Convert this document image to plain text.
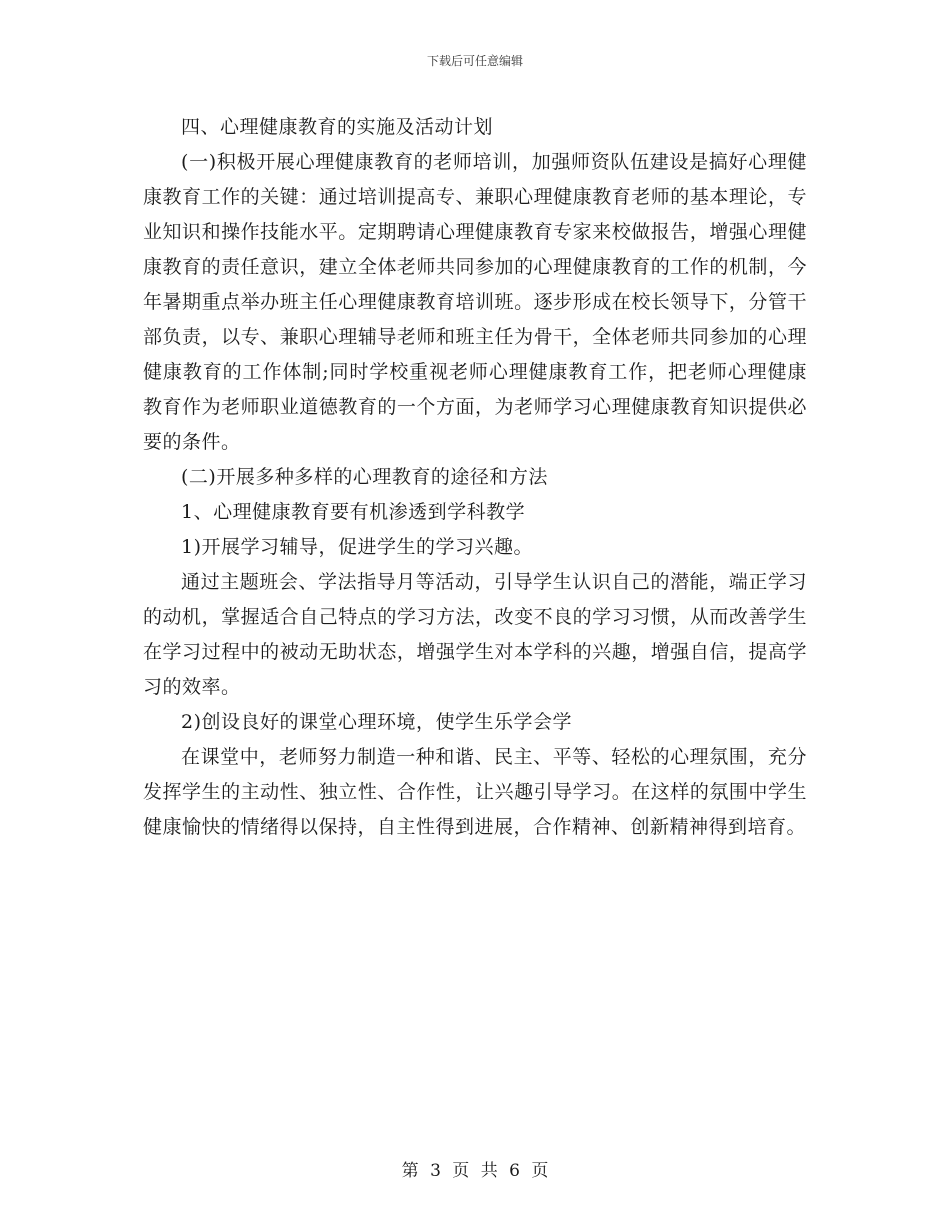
下载后可任意编辑

四、心理健康教育的实施及活动计划

(一)积极开展心理健康教育的老师培训，加强师资队伍建设是搞好心理健康教育工作的关键：通过培训提高专、兼职心理健康教育老师的基本理论，专业知识和操作技能水平。定期聘请心理健康教育专家来校做报告，增强心理健康教育的责任意识，建立全体老师共同参加的心理健康教育的工作的机制，今年暑期重点举办班主任心理健康教育培训班。逐步形成在校长领导下，分管干部负责，以专、兼职心理辅导老师和班主任为骨干，全体老师共同参加的心理健康教育的工作体制;同时学校重视老师心理健康教育工作，把老师心理健康教育作为老师职业道德教育的一个方面，为老师学习心理健康教育知识提供必要的条件。

(二)开展多种多样的心理教育的途径和方法

1、心理健康教育要有机渗透到学科教学

1)开展学习辅导，促进学生的学习兴趣。

通过主题班会、学法指导月等活动，引导学生认识自己的潜能，端正学习的动机，掌握适合自己特点的学习方法，改变不良的学习习惯，从而改善学生在学习过程中的被动无助状态，增强学生对本学科的兴趣，增强自信，提高学习的效率。

2)创设良好的课堂心理环境，使学生乐学会学

在课堂中，老师努力制造一种和谐、民主、平等、轻松的心理氛围，充分发挥学生的主动性、独立性、合作性，让兴趣引导学习。在这样的氛围中学生健康愉快的情绪得以保持，自主性得到进展，合作精神、创新精神得到培育。

第 3 页 共 6 页
